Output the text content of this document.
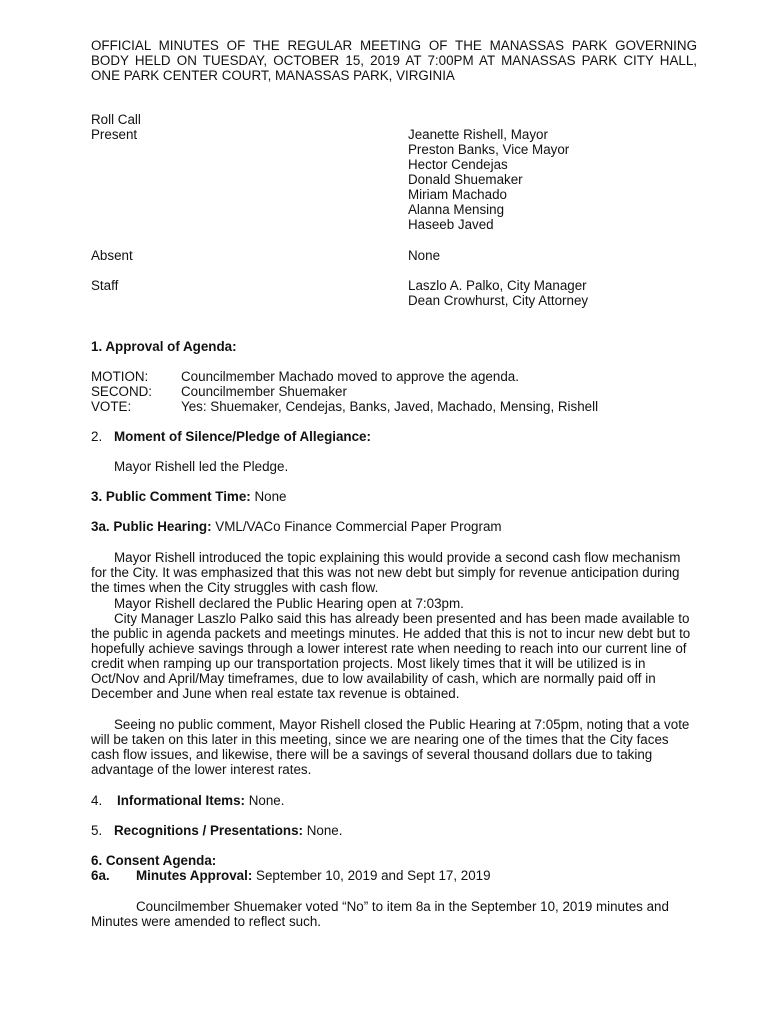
OFFICIAL MINUTES OF THE REGULAR MEETING OF THE MANASSAS PARK GOVERNING BODY HELD ON TUESDAY, OCTOBER 15, 2019 AT 7:00PM AT MANASSAS PARK CITY HALL, ONE PARK CENTER COURT, MANASSAS PARK, VIRGINIA
Roll Call
Present	Jeanette Rishell, Mayor
Preston Banks, Vice Mayor
Hector Cendejas
Donald Shuemaker
Miriam Machado
Alanna Mensing
Haseeb Javed
Absent	None
Staff	Laszlo A. Palko, City Manager
Dean Crowhurst, City Attorney
1. Approval of Agenda:
MOTION: Councilmember Machado moved to approve the agenda.
SECOND: Councilmember Shuemaker
VOTE:	Yes: Shuemaker, Cendejas, Banks, Javed, Machado, Mensing, Rishell
2. Moment of Silence/Pledge of Allegiance:
Mayor Rishell led the Pledge.
3. Public Comment Time: None
3a. Public Hearing: VML/VACo Finance Commercial Paper Program
Mayor Rishell introduced the topic explaining this would provide a second cash flow mechanism for the City. It was emphasized that this was not new debt but simply for revenue anticipation during the times when the City struggles with cash flow.
Mayor Rishell declared the Public Hearing open at 7:03pm.
City Manager Laszlo Palko said this has already been presented and has been made available to the public in agenda packets and meetings minutes. He added that this is not to incur new debt but to hopefully achieve savings through a lower interest rate when needing to reach into our current line of credit when ramping up our transportation projects. Most likely times that it will be utilized is in Oct/Nov and April/May timeframes, due to low availability of cash, which are normally paid off in December and June when real estate tax revenue is obtained.
Seeing no public comment, Mayor Rishell closed the Public Hearing at 7:05pm, noting that a vote will be taken on this later in this meeting, since we are nearing one of the times that the City faces cash flow issues, and likewise, there will be a savings of several thousand dollars due to taking advantage of the lower interest rates.
4. Informational Items: None.
5. Recognitions / Presentations: None.
6. Consent Agenda:
6a. Minutes Approval: September 10, 2019 and Sept 17, 2019
Councilmember Shuemaker voted “No” to item 8a in the September 10, 2019 minutes and Minutes were amended to reflect such.
